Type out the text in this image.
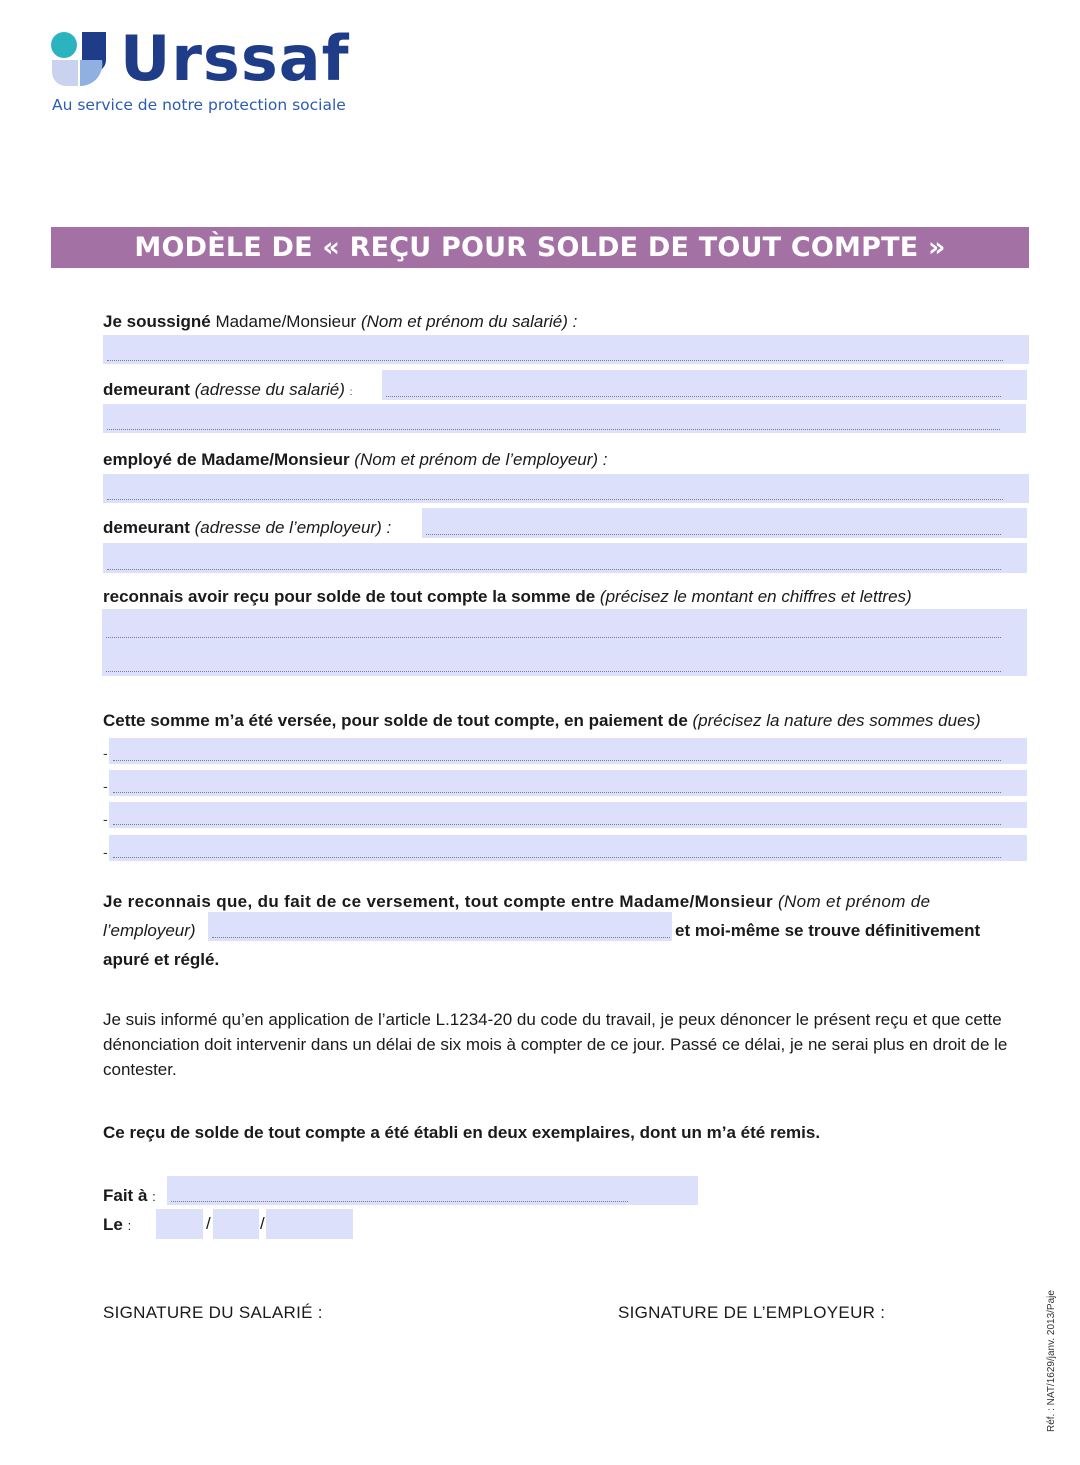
Urssaf
Au service de notre protection sociale
MODÈLE DE « REÇU POUR SOLDE DE TOUT COMPTE »
Je soussigné Madame/Monsieur (Nom et prénom du salarié) :
demeurant (adresse du salarié) :
employé de Madame/Monsieur (Nom et prénom de l’employeur) :
demeurant (adresse de l’employeur) :
reconnais avoir reçu pour solde de tout compte la somme de (précisez le montant en chiffres et lettres)
Cette somme m’a été versée, pour solde de tout compte, en paiement de (précisez la nature des sommes dues)
-
-
-
-
Je reconnais que, du fait de ce versement, tout compte entre Madame/Monsieur (Nom et prénom de
l’employeur)	et moi-même se trouve définitivement
apuré et réglé.
Je suis informé qu’en application de l’article L.1234-20 du code du travail, je peux dénoncer le présent reçu et que cette dénonciation doit intervenir dans un délai de six mois à compter de ce jour. Passé ce délai, je ne serai plus en droit de le contester.
Ce reçu de solde de tout compte a été établi en deux exemplaires, dont un m’a été remis.
Fait à :
Le :	/	/
SIGNATURE DU SALARIÉ :	SIGNATURE DE L’EMPLOYEUR :	Réf. : NAT/1629/janv. 2013/Paje
